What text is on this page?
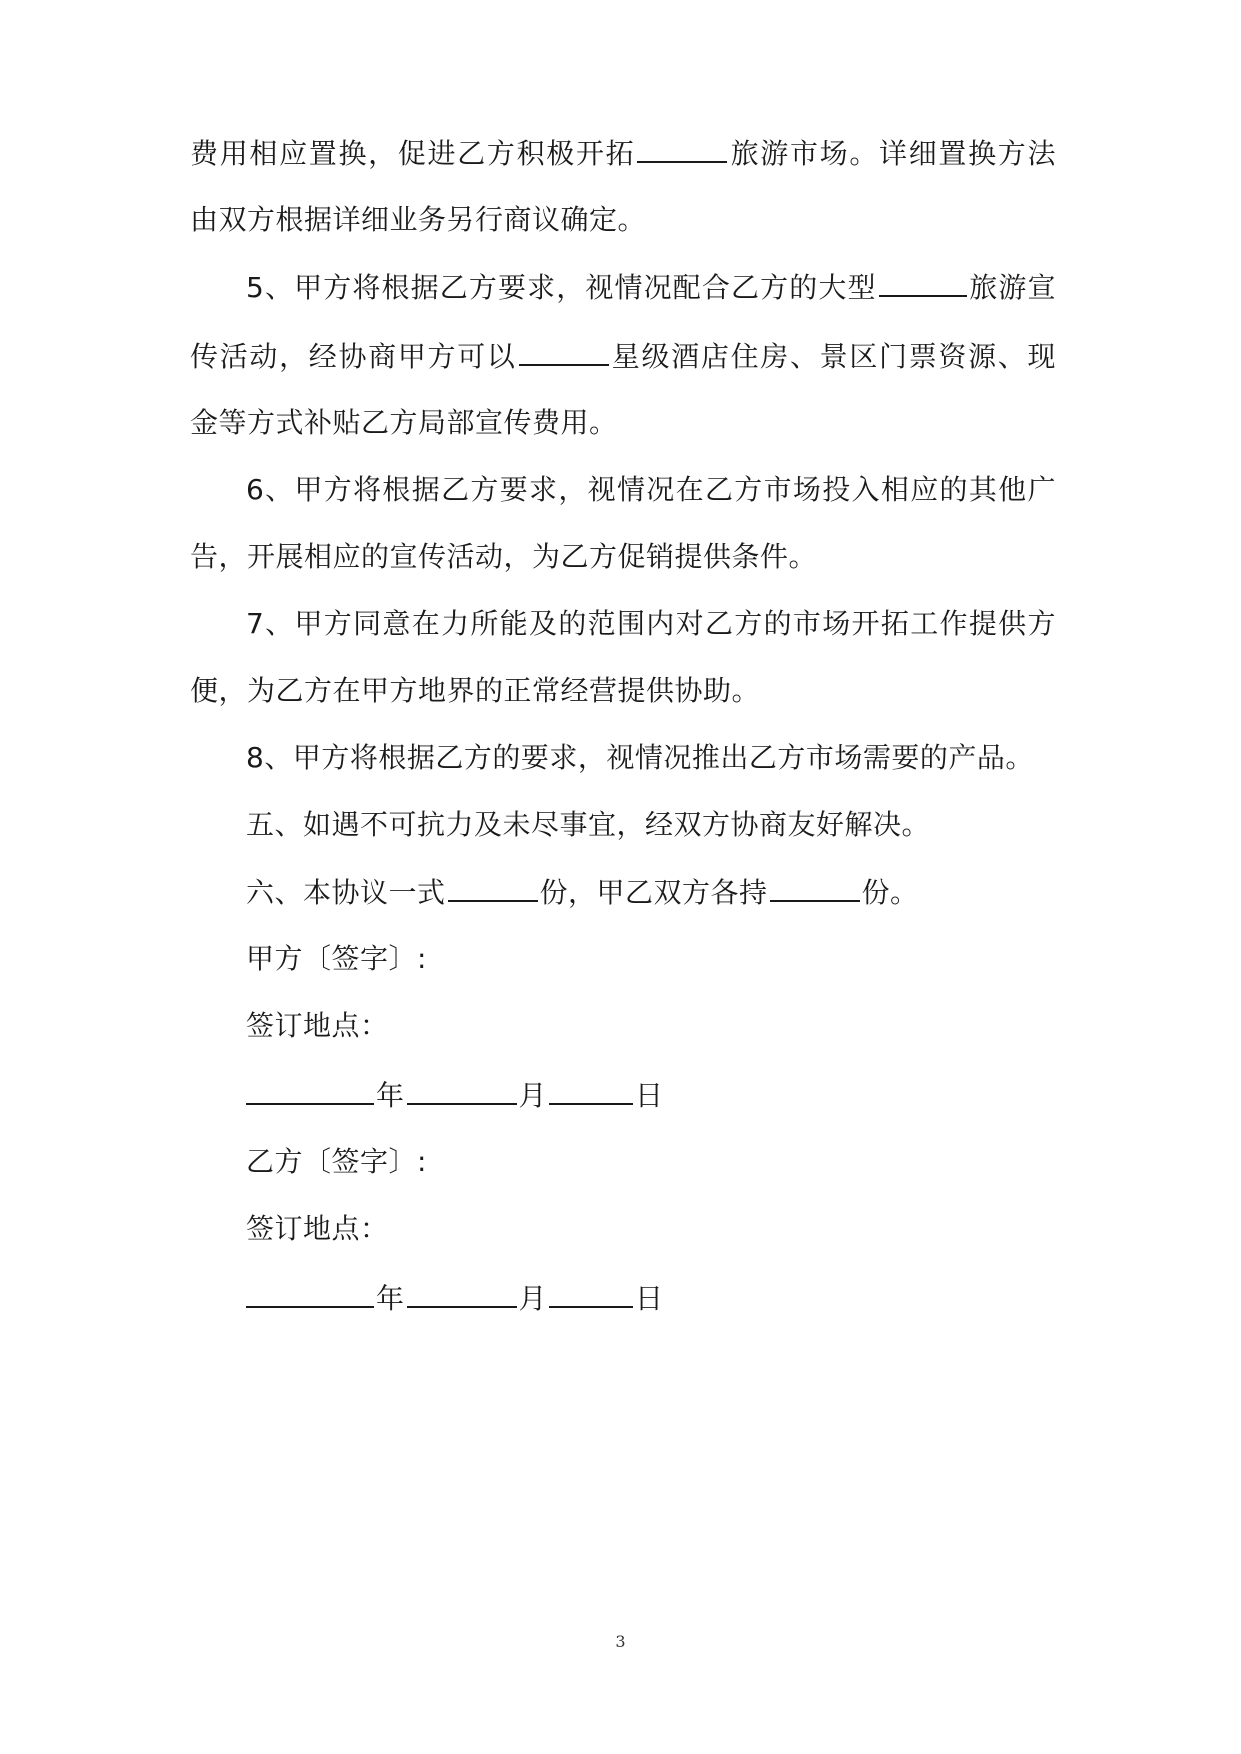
费用相应置换，促进乙方积极开拓	旅游市场。详细置换方法
由双方根据详细业务另行商议确定。
5、甲方将根据乙方要求，视情况配合乙方的大型	旅游宣
传活动，经协商甲方可以	星级酒店住房、景区门票资源、现
金等方式补贴乙方局部宣传费用。
6、甲方将根据乙方要求，视情况在乙方市场投入相应的其他广
告，开展相应的宣传活动，为乙方促销提供条件。
7、甲方同意在力所能及的范围内对乙方的市场开拓工作提供方
便，为乙方在甲方地界的正常经营提供协助。
8、甲方将根据乙方的要求，视情况推出乙方市场需要的产品。
五、如遇不可抗力及未尽事宜，经双方协商友好解决。
六、本协议一式	份，甲乙双方各持	份。
甲方〔签字〕:
签订地点：
年	月	日
乙方〔签字〕:
签订地点：
年	月	日
3
